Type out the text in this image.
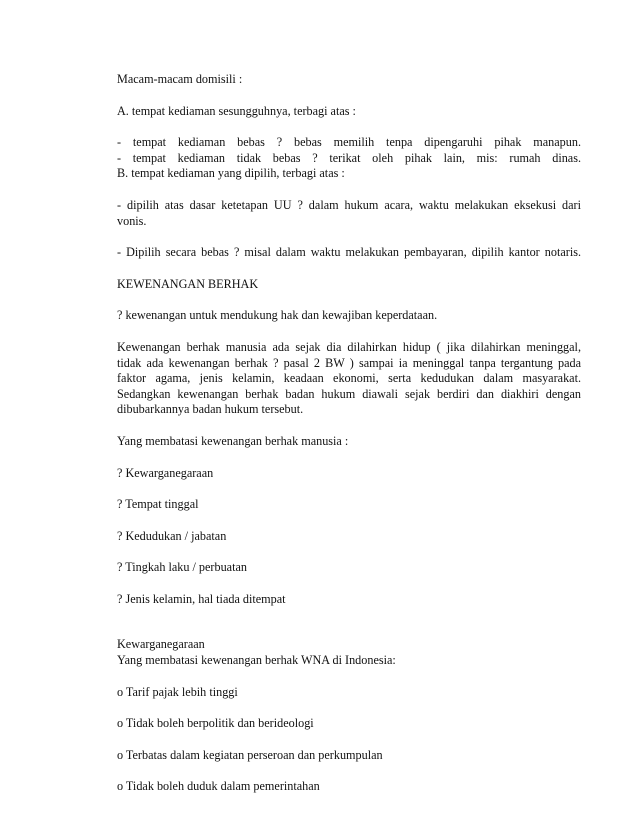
Macam-macam domisili :

A. tempat kediaman sesungguhnya, terbagi atas :

- tempat kediaman bebas ? bebas memilih tenpa dipengaruhi pihak manapun.

- tempat kediaman tidak bebas ? terikat oleh pihak lain, mis: rumah dinas.

B. tempat kediaman yang dipilih, terbagi atas :

- dipilih atas dasar ketetapan UU ? dalam hukum acara, waktu melakukan eksekusi dari

vonis.

- Dipilih secara bebas ? misal dalam waktu melakukan pembayaran, dipilih kantor notaris.

KEWENANGAN BERHAK

? kewenangan untuk mendukung hak dan kewajiban keperdataan.

Kewenangan berhak manusia ada sejak dia dilahirkan hidup ( jika dilahirkan meninggal,

tidak ada kewenangan berhak ? pasal 2 BW ) sampai ia meninggal tanpa tergantung pada

faktor agama, jenis kelamin, keadaan ekonomi, serta kedudukan dalam masyarakat.

Sedangkan kewenangan berhak badan hukum diawali sejak berdiri dan diakhiri dengan

dibubarkannya badan hukum tersebut.

Yang membatasi kewenangan berhak manusia :

? Kewarganegaraan

? Tempat tinggal

? Kedudukan / jabatan

? Tingkah laku / perbuatan

? Jenis kelamin, hal tiada ditempat

Kewarganegaraan

Yang membatasi kewenangan berhak WNA di Indonesia:

o Tarif pajak lebih tinggi

o Tidak boleh berpolitik dan berideologi

o Terbatas dalam kegiatan perseroan dan perkumpulan

o Tidak boleh duduk dalam pemerintahan
